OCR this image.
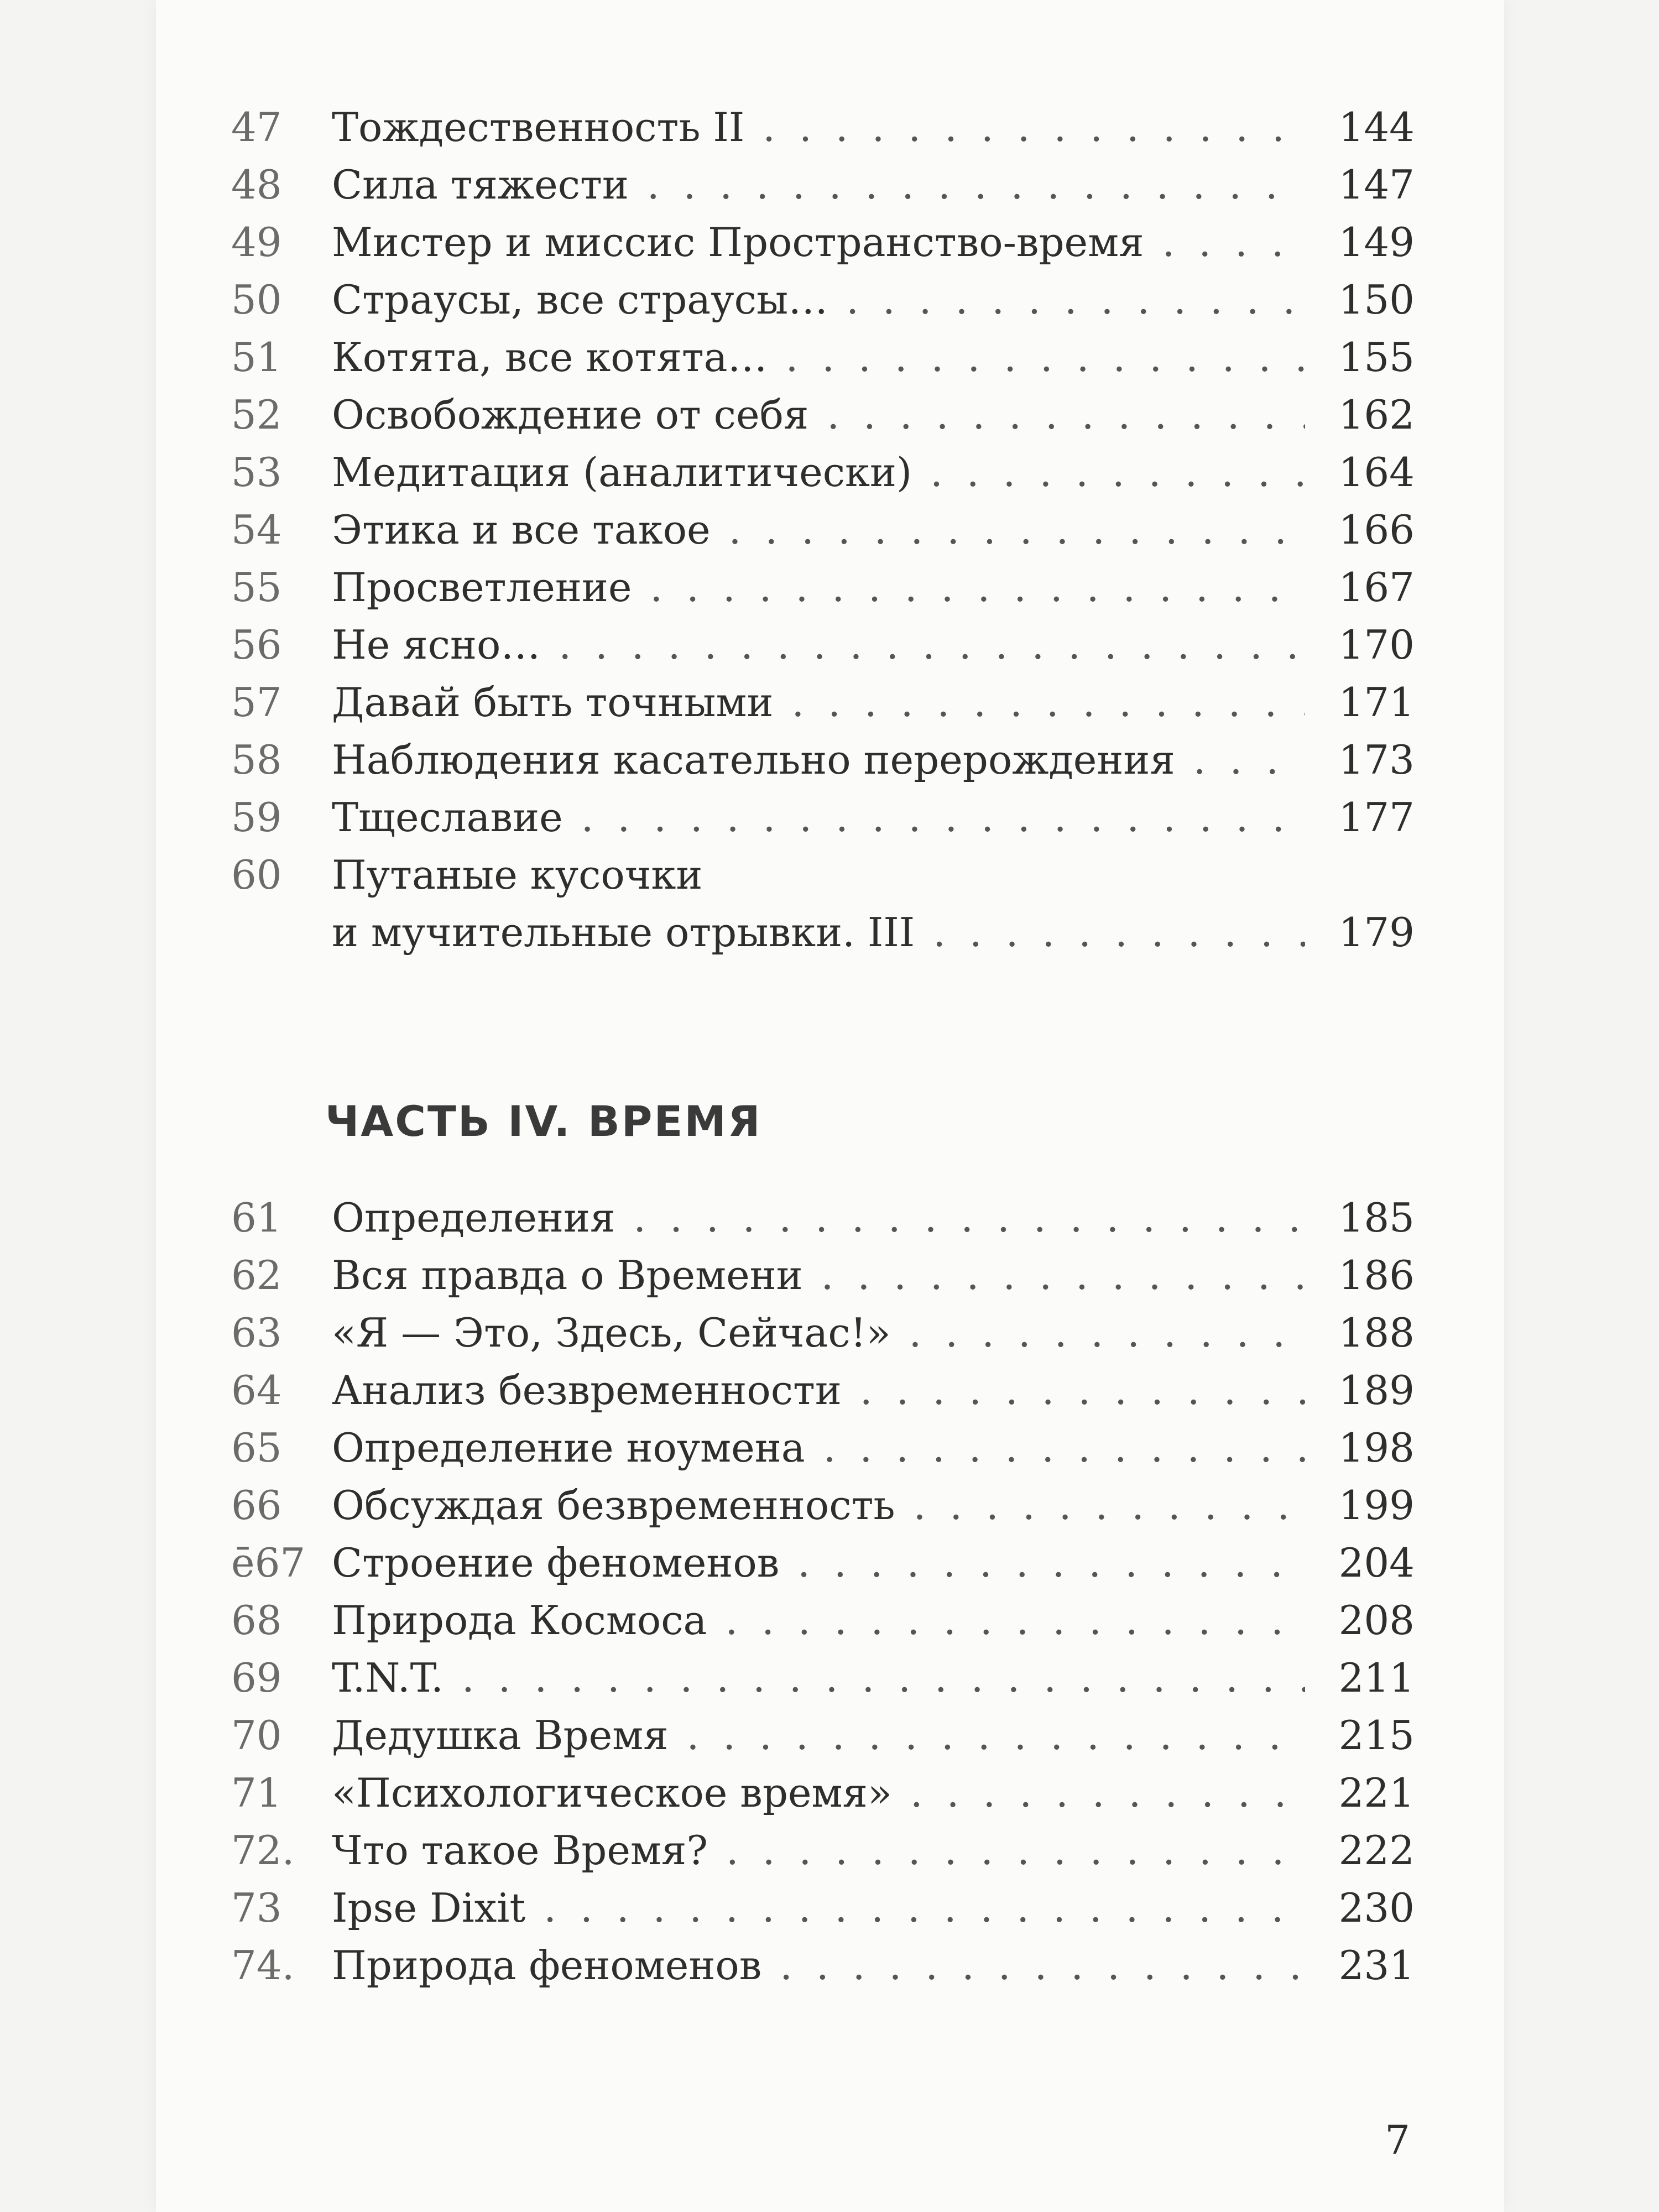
47	Тождественность II . . .	144
48	Сила тяжести . . .	147
49	Мистер и миссис Пространство-время . . .	149
50	Страусы, все страусы… . . .	150
51	Котята, все котята… . . .	155
52	Освобождение от себя . . .	162
53	Медитация (аналитически) . . .	164
54	Этика и все такое . . .	166
55	Просветление . . .	167
56	Не ясно… . . .	170
57	Давай быть точными . . .	171
58	Наблюдения касательно перерождения . . .	173
59	Тщеславие . . .	177
60	Путаные кусочки
и мучительные отрывки. III . . .	179
ЧАСТЬ IV. ВРЕМЯ
61	Определения . . .	185
62	Вся правда о Времени . . .	186
63	«Я — Это, Здесь, Сейчас!» . . .	188
64	Анализ безвременности . . .	189
65	Определение ноумена . . .	198
66	Обсуждая безвременность . . .	199
ē67 Строение феноменов . . .	204
68	Природа Космоса . . .	208
69	T.N.T. . . .	211
70	Дедушка Время . . .	215
71	«Психологическое время» . . .	221
72. Что такое Время? . . .	222
73	Ipse Dixit . . .	230
74. Природа феноменов . . .	231
7
